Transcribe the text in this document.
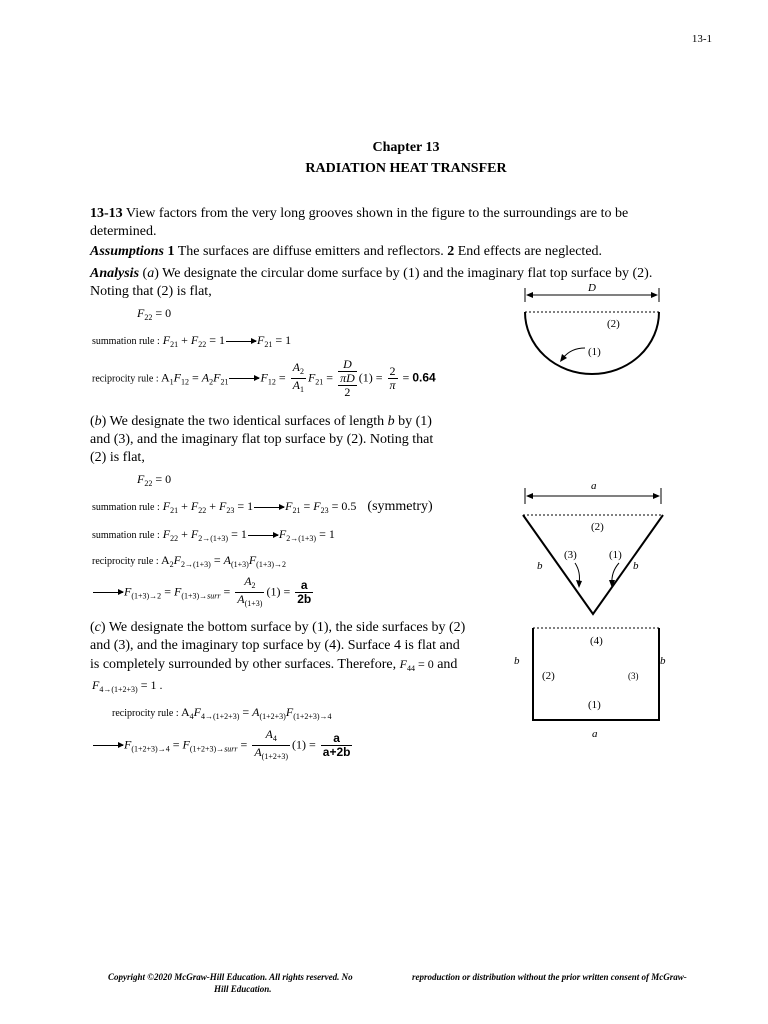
13-1
Chapter 13
RADIATION HEAT TRANSFER
13-13 View factors from the very long grooves shown in the figure to the surroundings are to be
determined.
Assumptions 1 The surfaces are diffuse emitters and reflectors. 2 End effects are neglected.
Analysis (a) We designate the circular dome surface by (1) and the imaginary flat top surface by (2).
Noting that (2) is flat,
$F_{22} = 0$
summation rule : $F_{21} + F_{22} = 1$	$F_{21} = 1$
reciprocity rule : $A_1F_{12} = A_2F_{21}$	$F_{12} = \frac{A_2}{A_1} F_{21}$ =
D
πD
2
$(1) = \frac{2}{\pi} = 0.64$
D
(2)
(1)
(b) We designate the two identical surfaces of length b by (1)
and (3), and the imaginary flat top surface by (2). Noting that
(2) is flat,
$F_{22} = 0$
summation rule : $F_{21} + F_{22} + F_{23} = 1$	$F_{21} = F_{23} = 0.5$ (symmetry)
summation rule : $F_{22} + F_{2\to(1+3)} = 1$	$F_{2\to(1+3)} = 1$
reciprocity rule : $A_2F_{2\to(1+3)} = A_{(1+3)}F_{(1+3)\to 2}$
$F_{(1+3)\to 2} = F_{(1+3)\to surr} = \frac{A_2}{A_{(1+3)}} (1) = \frac{a}{2b}$
a
(2)
(3)	(1)
b	b
(c) We designate the bottom surface by (1), the side surfaces by (2)
and (3), and the imaginary top surface by (4). Surface 4 is flat and
is completely surrounded by other surfaces. Therefore, $F_{44} = 0$ and
$F_{4\to(1+2+3)} = 1$ .
reciprocity rule : $A_4F_{4\to(1+2+3)} = A_{(1+2+3)}F_{(1+2+3)\to 4}$
$F_{(1+2+3)\to 4} = F_{(1+2+3)\to surr} = \frac{A_4}{A_{(1+2+3)}} (1) = \frac{a}{a+2b}$
(4)
b	b
(2)	(3)
(1)
a
Copyright ©2020 McGraw-Hill Education. All rights reserved. No	reproduction or distribution without the prior written consent of McGraw-
Hill Education.
